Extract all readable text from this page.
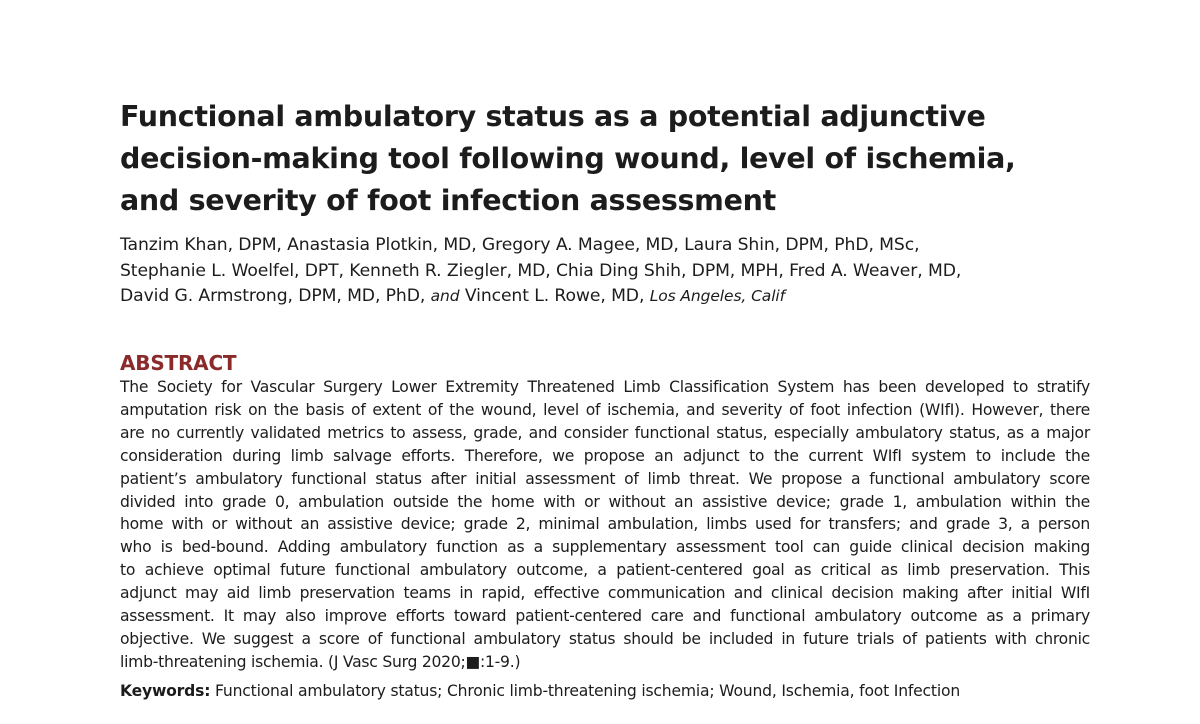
Functional ambulatory status as a potential adjunctive
decision-making tool following wound, level of ischemia,
and severity of foot infection assessment
Tanzim Khan, DPM, Anastasia Plotkin, MD, Gregory A. Magee, MD, Laura Shin, DPM, PhD, MSc,
Stephanie L. Woelfel, DPT, Kenneth R. Ziegler, MD, Chia Ding Shih, DPM, MPH, Fred A. Weaver, MD,
David G. Armstrong, DPM, MD, PhD, and Vincent L. Rowe, MD, Los Angeles, Calif
ABSTRACT
The Society for Vascular Surgery Lower Extremity Threatened Limb Classification System has been developed to stratify
amputation risk on the basis of extent of the wound, level of ischemia, and severity of foot infection (WIfI). However, there
are no currently validated metrics to assess, grade, and consider functional status, especially ambulatory status, as a major
consideration during limb salvage efforts. Therefore, we propose an adjunct to the current WIfI system to include the
patient’s ambulatory functional status after initial assessment of limb threat. We propose a functional ambulatory score
divided into grade 0, ambulation outside the home with or without an assistive device; grade 1, ambulation within the
home with or without an assistive device; grade 2, minimal ambulation, limbs used for transfers; and grade 3, a person
who is bed-bound. Adding ambulatory function as a supplementary assessment tool can guide clinical decision making
to achieve optimal future functional ambulatory outcome, a patient-centered goal as critical as limb preservation. This
adjunct may aid limb preservation teams in rapid, effective communication and clinical decision making after initial WIfI
assessment. It may also improve efforts toward patient-centered care and functional ambulatory outcome as a primary
objective. We suggest a score of functional ambulatory status should be included in future trials of patients with chronic
limb-threatening ischemia. (J Vasc Surg 2020;■:1-9.)
Keywords: Functional ambulatory status; Chronic limb-threatening ischemia; Wound, Ischemia, foot Infection
